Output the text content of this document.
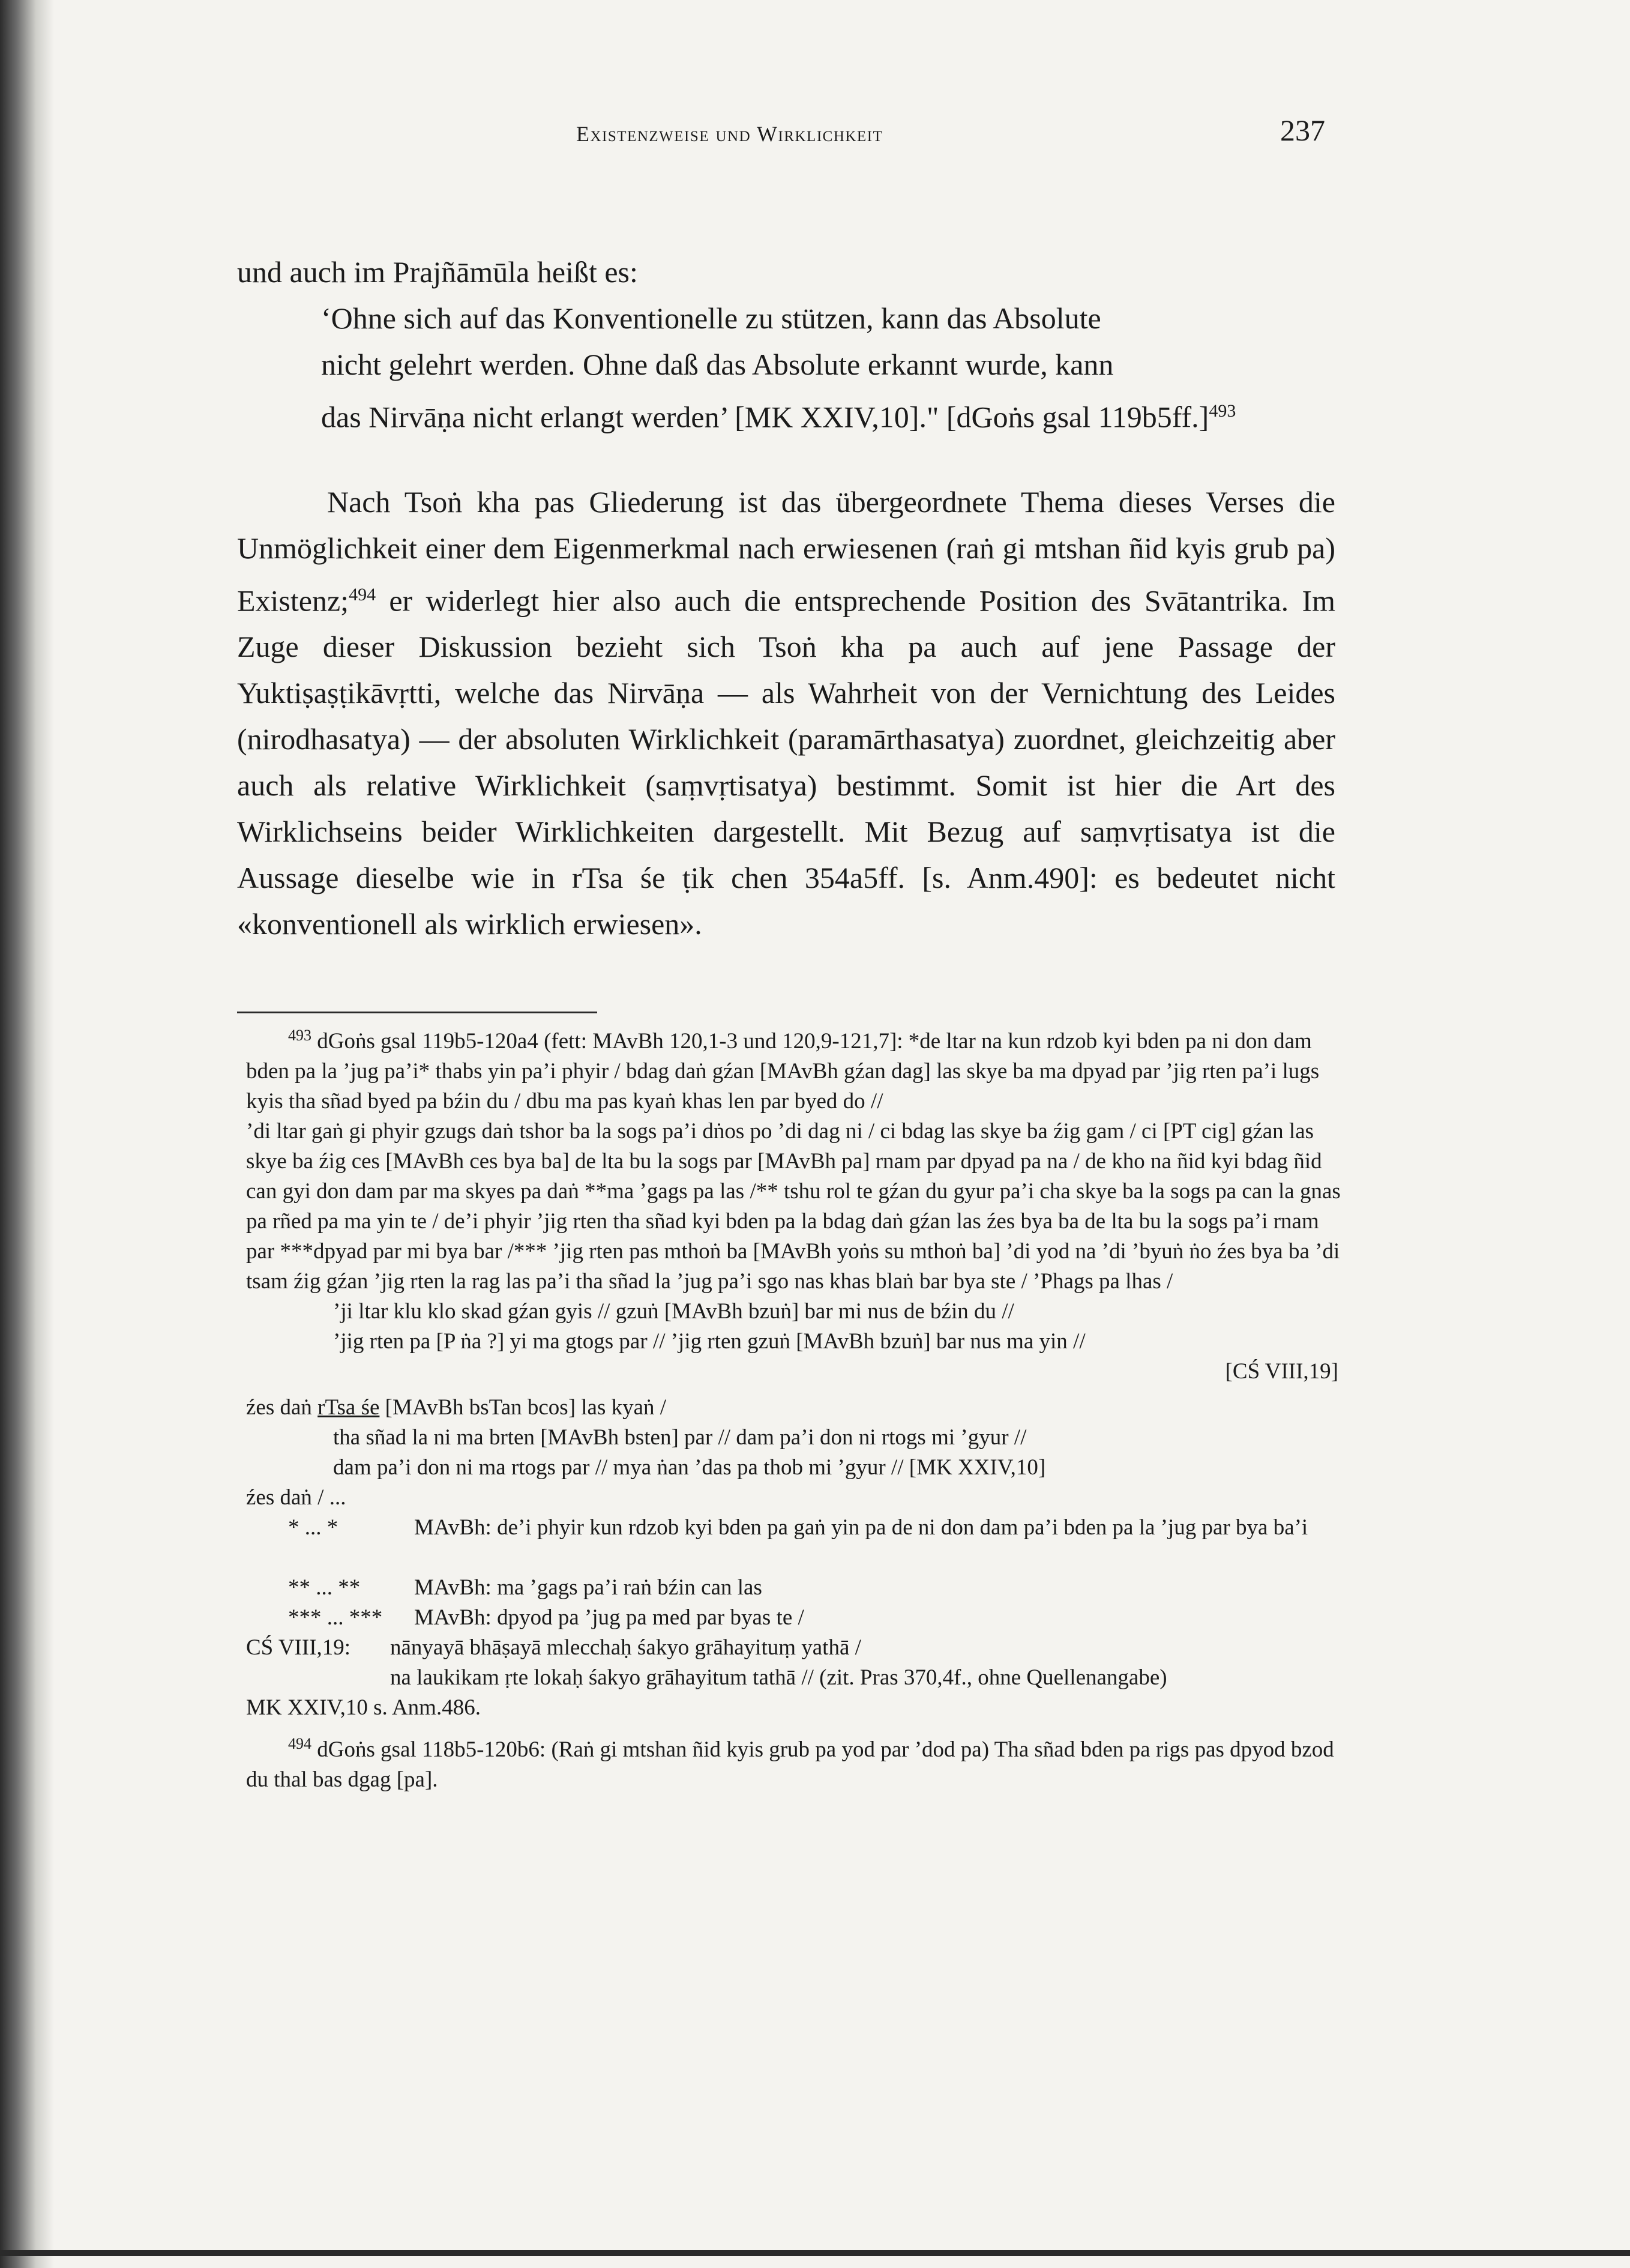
Existenzweise und Wirklichkeit	237

und auch im Prajñāmūla heißt es:

‘Ohne sich auf das Konventionelle zu stützen, kann das Absolute

nicht gelehrt werden. Ohne daß das Absolute erkannt wurde, kann

das Nirvāṇa nicht erlangt werden’ [MK XXIV,10]." [dGoṅs gsal 119b5ff.]$^{493}$

Nach Tsoṅ kha pas Gliederung ist das übergeordnete Thema dieses Verses die Unmöglichkeit einer dem Eigenmerkmal nach erwiesenen (raṅ gi mtshan ñid kyis grub pa) Existenz;$^{494}$ er widerlegt hier also auch die entsprechende Position des Svātantrika. Im Zuge dieser Diskussion bezieht sich Tsoṅ kha pa auch auf jene Passage der Yuktiṣaṣṭikāvṛtti, welche das Nirvāṇa — als Wahrheit von der Vernichtung des Leides (nirodhasatya) — der absoluten Wirklichkeit (paramārthasatya) zuordnet, gleichzeitig aber auch als relative Wirklichkeit (saṃvṛtisatya) bestimmt. Somit ist hier die Art des Wirklichseins beider Wirklichkeiten dargestellt. Mit Bezug auf saṃvṛtisatya ist die Aussage dieselbe wie in rTsa śe ṭik chen 354a5ff. [s. Anm.490]: es bedeutet nicht «konventionell als wirklich erwiesen».

$^{493}$ dGoṅs gsal 119b5-120a4 (fett: MAvBh 120,1-3 und 120,9-121,7]: *de ltar na kun rdzob kyi bden pa ni don dam bden pa la ’jug pa’i* thabs yin pa’i phyir / bdag daṅ gźan [MAvBh gźan dag] las skye ba ma dpyad par ’jig rten pa’i lugs kyis tha sñad byed pa bźin du / dbu ma pas kyaṅ khas len par byed do //

’di ltar gaṅ gi phyir gzugs daṅ tshor ba la sogs pa’i dṅos po ’di dag ni / ci bdag las skye ba źig gam / ci [PT cig] gźan las skye ba źig ces [MAvBh ces bya ba] de lta bu la sogs par [MAvBh pa] rnam par dpyad pa na / de kho na ñid kyi bdag ñid can gyi don dam par ma skyes pa daṅ **ma ’gags pa las /** tshu rol te gźan du gyur pa’i cha skye ba la sogs pa can la gnas pa rñed pa ma yin te / de’i phyir ’jig rten tha sñad kyi bden pa la bdag daṅ gźan las źes bya ba de lta bu la sogs pa’i rnam par ***dpyad par mi bya bar /*** ’jig rten pas mthoṅ ba [MAvBh yoṅs su mthoṅ ba] ’di yod na ’di ’byuṅ ṅo źes bya ba ’di tsam źig gźan ’jig rten la rag las pa’i tha sñad la ’jug pa’i sgo nas khas blaṅ bar bya ste / ’Phags pa lhas /

’ji ltar klu klo skad gźan gyis // gzuṅ [MAvBh bzuṅ] bar mi nus de bźin du //

’jig rten pa [P ṅa ?] yi ma gtogs par // ’jig rten gzuṅ [MAvBh bzuṅ] bar nus ma yin //

[CŚ VIII,19]

źes daṅ rTsa śe [MAvBh bsTan bcos] las kyaṅ /

tha sñad la ni ma brten [MAvBh bsten] par // dam pa’i don ni rtogs mi ’gyur //

dam pa’i don ni ma rtogs par // mya ṅan ’das pa thob mi ’gyur // [MK XXIV,10]

źes daṅ / ...

* ... *	MAvBh: de’i phyir kun rdzob kyi bden pa gaṅ yin pa de ni don dam pa’i bden pa la ’jug par bya ba’i
** ... ** MAvBh: ma ’gags pa’i raṅ bźin can las
*** ... *** MAvBh: dpyod pa ’jug pa med par byas te /
CŚ VIII,19: nānyayā bhāṣayā mlecchaḥ śakyo grāhayituṃ yathā /
na laukikam ṛte lokaḥ śakyo grāhayitum tathā // (zit. Pras 370,4f., ohne Quellenangabe)

MK XXIV,10 s. Anm.486.

$^{494}$ dGoṅs gsal 118b5-120b6: (Raṅ gi mtshan ñid kyis grub pa yod par ’dod pa) Tha sñad bden pa rigs pas dpyod bzod du thal bas dgag [pa].
